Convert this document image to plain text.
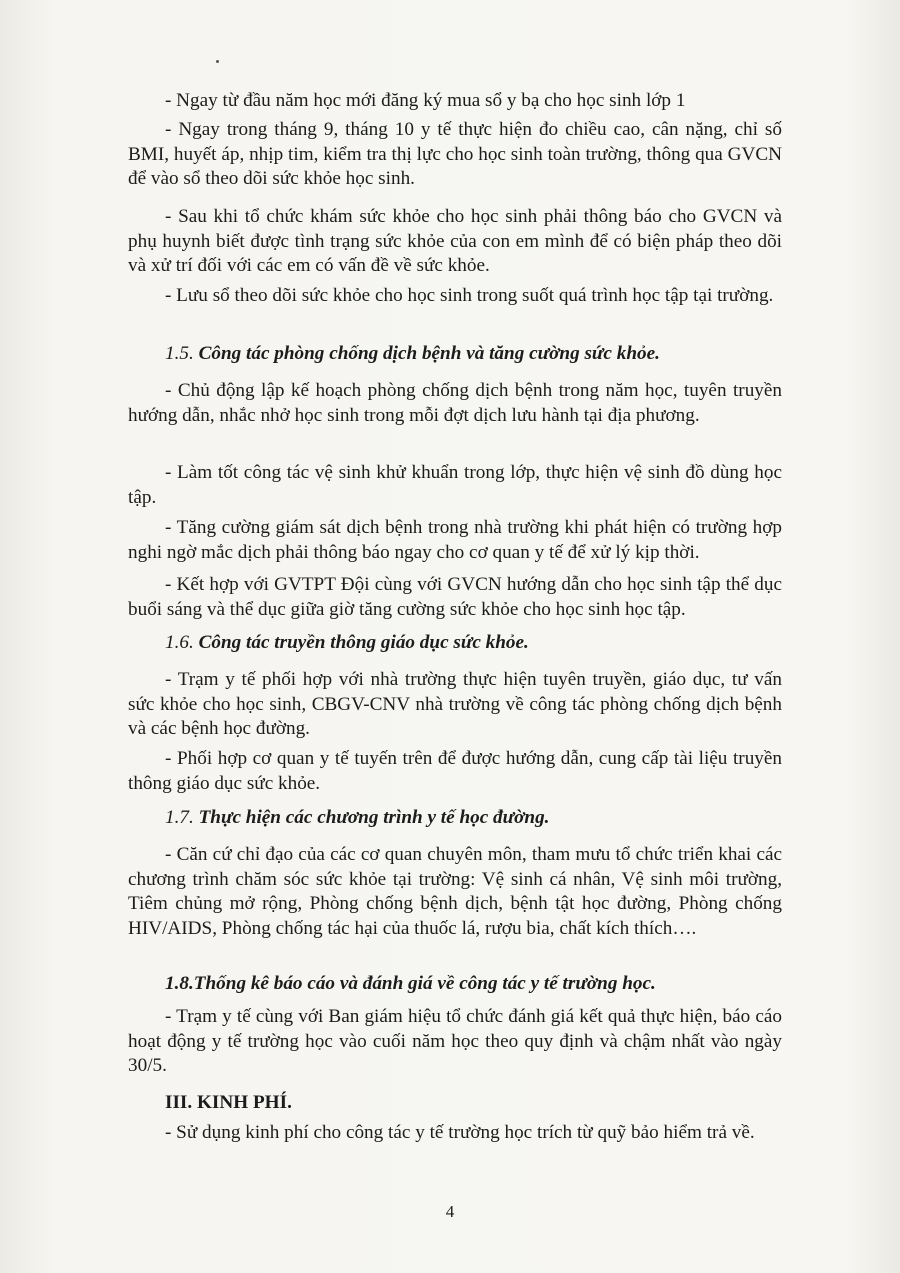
- Ngay từ đầu năm học mới đăng ký mua sổ y bạ cho học sinh lớp 1
- Ngay trong tháng 9, tháng 10 y tế thực hiện đo chiều cao, cân nặng, chỉ số BMI, huyết áp, nhịp tim, kiểm tra thị lực cho học sinh toàn trường, thông qua GVCN để vào sổ theo dõi sức khỏe học sinh.
- Sau khi tổ chức khám sức khỏe cho học sinh phải thông báo cho GVCN và phụ huynh biết được tình trạng sức khỏe của con em mình để có biện pháp theo dõi và xử trí đối với các em có vấn đề về sức khỏe.
- Lưu sổ theo dõi sức khỏe cho học sinh trong suốt quá trình học tập tại trường.
1.5. Công tác phòng chống dịch bệnh và tăng cường sức khỏe.
- Chủ động lập kế hoạch phòng chống dịch bệnh trong năm học, tuyên truyền hướng dẫn, nhắc nhở học sinh trong mỗi đợt dịch lưu hành tại địa phương.
- Làm tốt công tác vệ sinh khử khuẩn trong lớp, thực hiện vệ sinh đồ dùng học tập.
- Tăng cường giám sát dịch bệnh trong nhà trường khi phát hiện có trường hợp nghi ngờ mắc dịch phải thông báo ngay cho cơ quan y tế để xử lý kịp thời.
- Kết hợp với GVTPT Đội cùng với GVCN hướng dẫn cho học sinh tập thể dục buổi sáng và thể dục giữa giờ tăng cường sức khỏe cho học sinh học tập.
1.6. Công tác truyền thông giáo dục sức khỏe.
- Trạm y tế phối hợp với nhà trường thực hiện tuyên truyền, giáo dục, tư vấn sức khỏe cho học sinh, CBGV-CNV nhà trường về công tác phòng chống dịch bệnh và các bệnh học đường.
- Phối hợp cơ quan y tế tuyến trên để được hướng dẫn, cung cấp tài liệu truyền thông giáo dục sức khỏe.
1.7. Thực hiện các chương trình y tế học đường.
- Căn cứ chỉ đạo của các cơ quan chuyên môn, tham mưu tổ chức triển khai các chương trình chăm sóc sức khỏe tại trường: Vệ sinh cá nhân, Vệ sinh môi trường, Tiêm chủng mở rộng, Phòng chống bệnh dịch, bệnh tật học đường, Phòng chống HIV/AIDS, Phòng chống tác hại của thuốc lá, rượu bia, chất kích thích….
1.8.Thống kê báo cáo và đánh giá về công tác y tế trường học.
- Trạm y tế cùng với Ban giám hiệu tổ chức đánh giá kết quả thực hiện, báo cáo hoạt động y tế trường học vào cuối năm học theo quy định và chậm nhất vào ngày 30/5.
III. KINH PHÍ.
- Sử dụng kinh phí cho công tác y tế trường học trích từ quỹ bảo hiểm trả về.
4
